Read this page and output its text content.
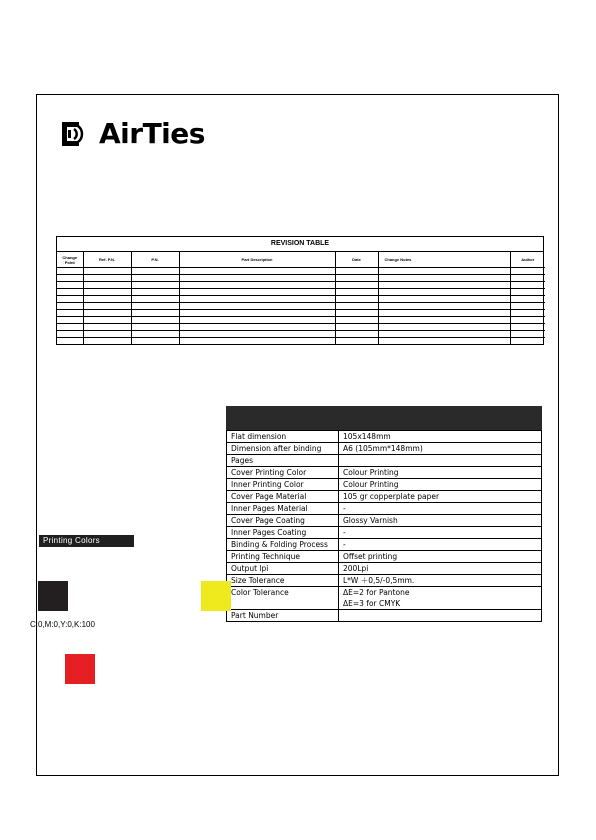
AirTies
REVISION TABLE
Change Point	Ref. P.N.	P.N.	Part Description	Date	Change Notes	Author

Flat dimension	105x148mm
Dimension after binding	A6 (105mm*148mm)
Pages	
Cover Printing Color	Colour Printing
Inner Printing Color	Colour Printing
Cover Page Material	105 gr copperplate paper
Inner Pages Material	-
Cover Page Coating	Glossy Varnish
Inner Pages Coating	-
Binding & Folding Process	-
Printing Technique	Offset printing
Output lpi	200Lpi
Size Tolerance	L*W ＋0,5/-0,5mm.
Color Tolerance	ΔE=2 for Pantone
ΔE=3 for CMYK

Part Number	
Printing Colors
C:0,M:0,Y:0,K:100
